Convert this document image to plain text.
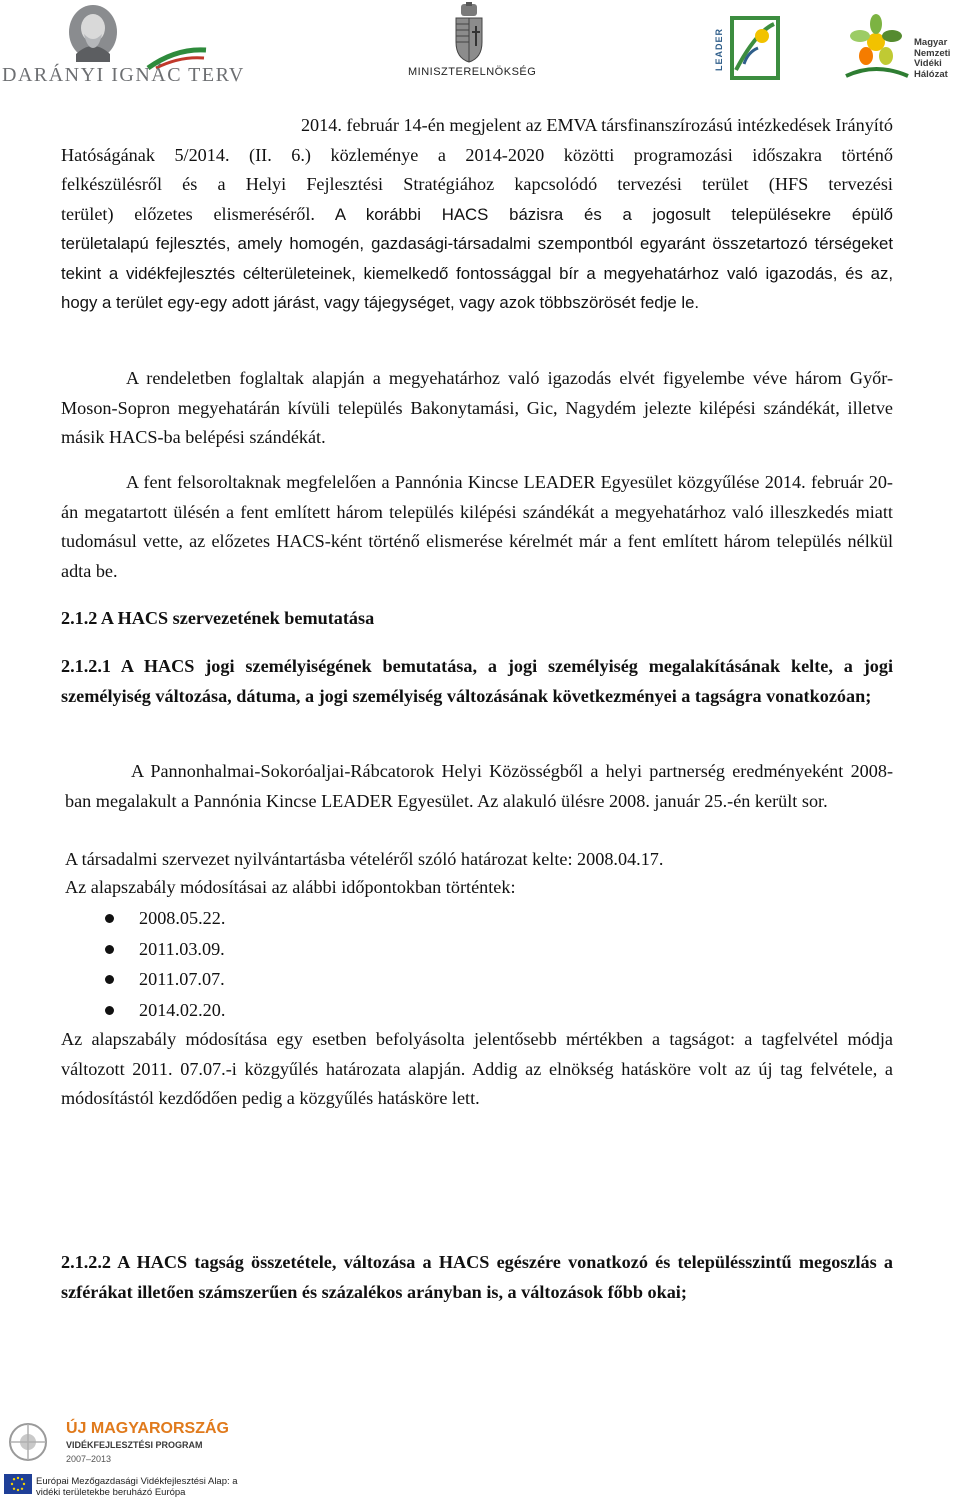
DARÁNYI IGNÁC TERV	MINISZTERELNÖKSÉG
LEADER	Magyar
Nemzeti
Vidéki
Hálózat
2014. február 14-én megjelent az EMVA társfinanszírozású intézkedések Irányító
Hatóságának 5/2014. (II. 6.) közleménye a 2014-2020 közötti programozási időszakra történő
felkészülésről és a Helyi Fejlesztési Stratégiához kapcsolódó tervezési terület (HFS tervezési
terület) előzetes elismeréséről. A korábbi HACS bázisra és a jogosult településekre épülő
területalapú fejlesztés, amely homogén, gazdasági-társadalmi szempontból egyaránt összetartozó térségeket tekint a vidékfejlesztés célterületeinek, kiemelkedő fontossággal bír a megyehatárhoz való igazodás, és az, hogy a terület egy-egy adott járást, vagy tájegységet, vagy azok többszörösét fedje le.
A rendeletben foglaltak alapján a megyehatárhoz való igazodás elvét figyelembe véve három Győr-Moson-Sopron megyehatárán kívüli település Bakonytamási, Gic, Nagydém jelezte kilépési szándékát, illetve másik HACS-ba belépési szándékát.
A fent felsoroltaknak megfelelően a Pannónia Kincse LEADER Egyesület közgyűlése 2014. február 20-án megatartott ülésén a fent említett három település kilépési szándékát a megyehatárhoz való illeszkedés miatt tudomásul vette, az előzetes HACS-ként történő elismerése kérelmét már a fent említett három település nélkül adta be.
2.1.2 A HACS szervezetének bemutatása
2.1.2.1 A HACS jogi személyiségének bemutatása, a jogi személyiség megalakításának kelte, a jogi személyiség változása, dátuma, a jogi személyiség változásának következményei a tagságra vonatkozóan;
A Pannonhalmai-Sokoróaljai-Rábcatorok Helyi Közösségből a helyi partnerség eredményeként 2008-ban megalakult a Pannónia Kincse LEADER Egyesület. Az alakuló ülésre 2008. január 25.-én került sor.
A társadalmi szervezet nyilvántartásba vételéről szóló határozat kelte: 2008.04.17.
Az alapszabály módosításai az alábbi időpontokban történtek:
2008.05.22.
2011.03.09.
2011.07.07.
2014.02.20.
Az alapszabály módosítása egy esetben befolyásolta jelentősebb mértékben a tagságot: a tagfelvétel módja változott 2011. 07.07.-i közgyűlés határozata alapján. Addig az elnökség hatásköre volt az új tag felvétele, a módosítástól kezdődően pedig a közgyűlés hatásköre lett.
2.1.2.2 A HACS tagság összetétele, változása a HACS egészére vonatkozó és településszintű megoszlás a szférákat illetően számszerűen és százalékos arányban is, a változások főbb okai;
ÚJ MAGYARORSZÁG
VIDÉKFEJLESZTÉSI PROGRAM
2007–2013
Európai Mezőgazdasági Vidékfejlesztési Alap: a vidéki területekbe beruházó Európa
